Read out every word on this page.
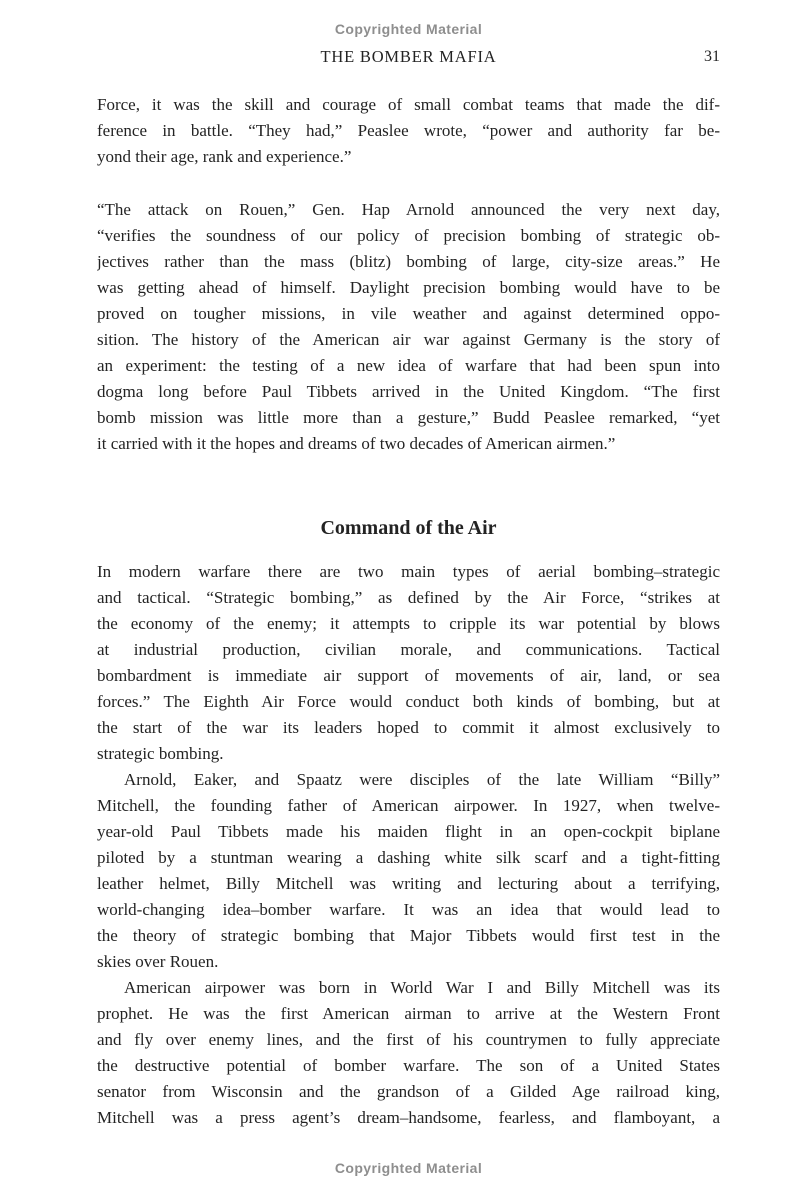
Copyrighted Material
THE BOMBER MAFIA	31
Force, it was the skill and courage of small combat teams that made the dif-
ference in battle. “They had,” Peaslee wrote, “power and authority far be-
yond their age, rank and experience.”
“The attack on Rouen,” Gen. Hap Arnold announced the very next day,
“verifies the soundness of our policy of precision bombing of strategic ob-
jectives rather than the mass (blitz) bombing of large, city-size areas.” He
was getting ahead of himself. Daylight precision bombing would have to be
proved on tougher missions, in vile weather and against determined oppo-
sition. The history of the American air war against Germany is the story of
an experiment: the testing of a new idea of warfare that had been spun into
dogma long before Paul Tibbets arrived in the United Kingdom. “The first
bomb mission was little more than a gesture,” Budd Peaslee remarked, “yet
it carried with it the hopes and dreams of two decades of American airmen.”
Command of the Air
In modern warfare there are two main types of aerial bombing–strategic
and tactical. “Strategic bombing,” as defined by the Air Force, “strikes at
the economy of the enemy; it attempts to cripple its war potential by blows
at industrial production, civilian morale, and communications. Tactical
bombardment is immediate air support of movements of air, land, or sea
forces.” The Eighth Air Force would conduct both kinds of bombing, but at
the start of the war its leaders hoped to commit it almost exclusively to
strategic bombing.
Arnold, Eaker, and Spaatz were disciples of the late William “Billy”
Mitchell, the founding father of American airpower. In 1927, when twelve-
year-old Paul Tibbets made his maiden flight in an open-cockpit biplane
piloted by a stuntman wearing a dashing white silk scarf and a tight-fitting
leather helmet, Billy Mitchell was writing and lecturing about a terrifying,
world-changing idea–bomber warfare. It was an idea that would lead to
the theory of strategic bombing that Major Tibbets would first test in the
skies over Rouen.
American airpower was born in World War I and Billy Mitchell was its
prophet. He was the first American airman to arrive at the Western Front
and fly over enemy lines, and the first of his countrymen to fully appreciate
the destructive potential of bomber warfare. The son of a United States
senator from Wisconsin and the grandson of a Gilded Age railroad king,
Mitchell was a press agent’s dream–handsome, fearless, and flamboyant, a
Copyrighted Material
